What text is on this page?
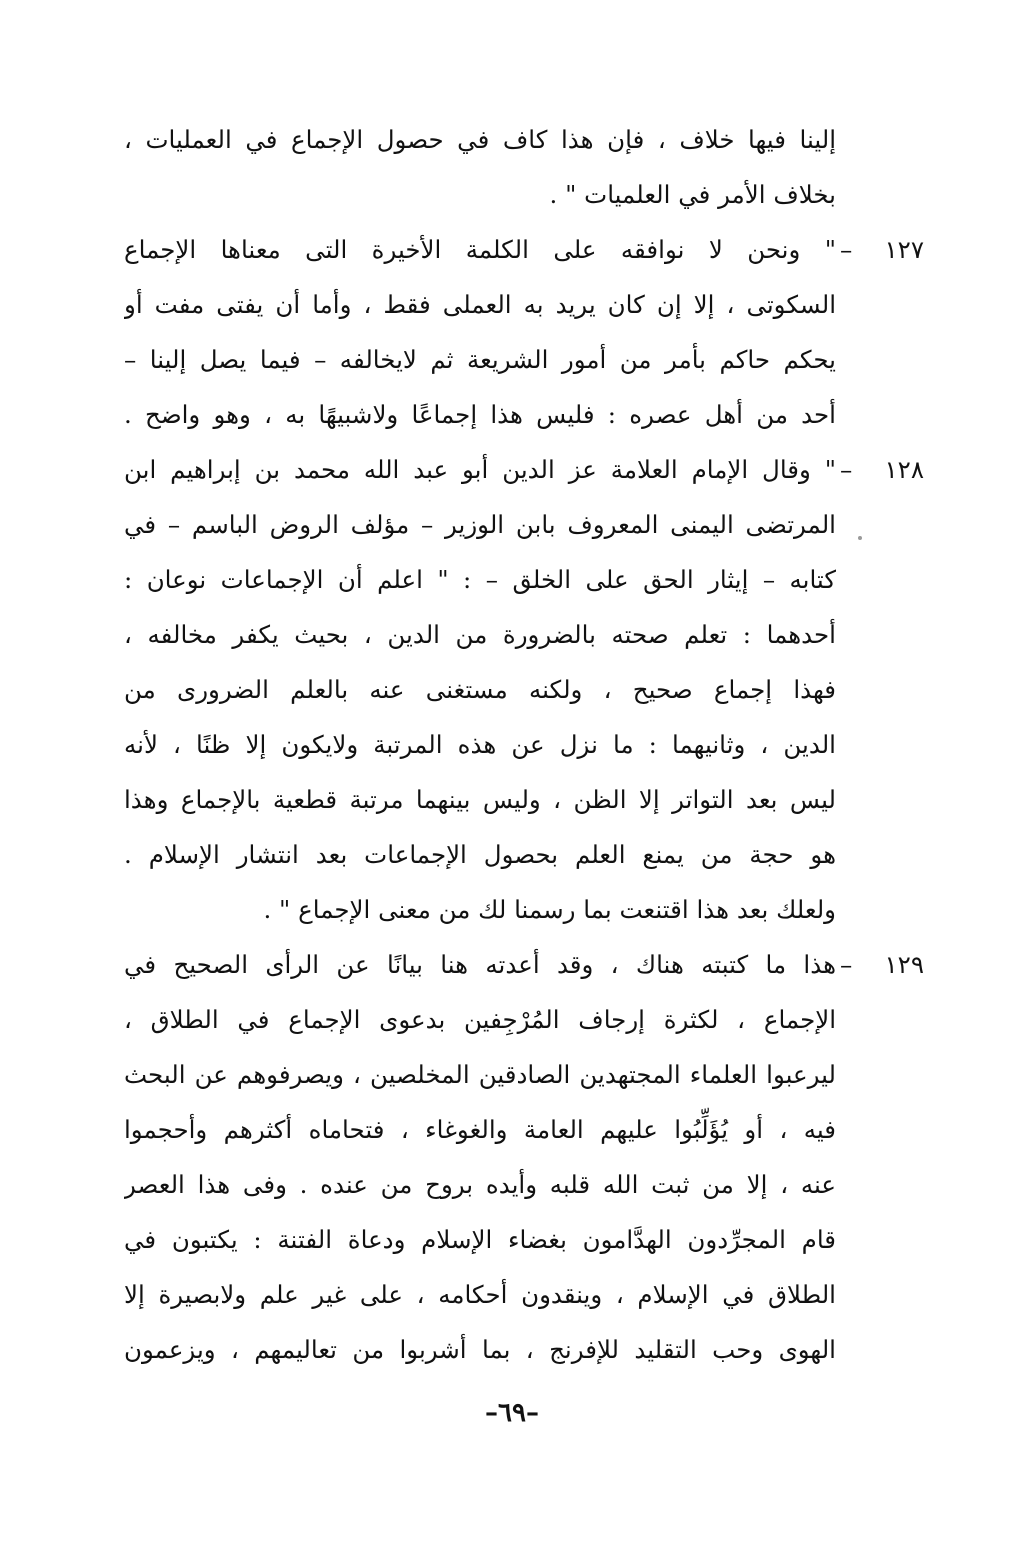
إلينا فيها خلاف ، فإن هذا كاف في حصول الإجماع في العمليات ،
بخلاف الأمر في العلميات " .
١٢٧ –
" ونحن لا نوافقه على الكلمة الأخيرة التى معناها الإجماع
السكوتى ، إلا إن كان يريد به العملى فقط ، وأما أن يفتى مفت أو
يحكم حاكم بأمر من أمور الشريعة ثم لايخالفه – فيما يصل إلينا –
أحد من أهل عصره : فليس هذا إجماعًا ولاشبيهًا به ، وهو واضح .
١٢٨ –
" وقال الإمام العلامة عز الدين أبو عبد الله محمد بن إبراهيم ابن
المرتضى اليمنى المعروف بابن الوزير – مؤلف الروض الباسم – في
كتابه – إيثار الحق على الخلق – : " اعلم أن الإجماعات نوعان :
أحدهما : تعلم صحته بالضرورة من الدين ، بحيث يكفر مخالفه ،
فهذا إجماع صحيح ، ولكنه مستغنى عنه بالعلم الضرورى من
الدين ، وثانيهما : ما نزل عن هذه المرتبة ولايكون إلا ظنًا ، لأنه
ليس بعد التواتر إلا الظن ، وليس بينهما مرتبة قطعية بالإجماع وهذا
هو حجة من يمنع العلم بحصول الإجماعات بعد انتشار الإسلام .
ولعلك بعد هذا اقتنعت بما رسمنا لك من معنى الإجماع " .
١٢٩ –
هذا ما كتبته هناك ، وقد أعدته هنا بيانًا عن الرأى الصحيح في
الإجماع ، لكثرة إرجاف المُرْجِفين بدعوى الإجماع في الطلاق ،
ليرعبوا العلماء المجتهدين الصادقين المخلصين ، ويصرفوهم عن البحث
فيه ، أو يُؤَلِّبُوا عليهم العامة والغوغاء ، فتحاماه أكثرهم وأحجموا
عنه ، إلا من ثبت الله قلبه وأيده بروح من عنده . وفى هذا العصر
قام المجرِّدون الهدَّامون بغضاء الإسلام ودعاة الفتنة : يكتبون في
الطلاق في الإسلام ، وينقدون أحكامه ، على غير علم ولابصيرة إلا
الهوى وحب التقليد للإفرنج ، بما أشربوا من تعاليمهم ، ويزعمون
–٦٩–
